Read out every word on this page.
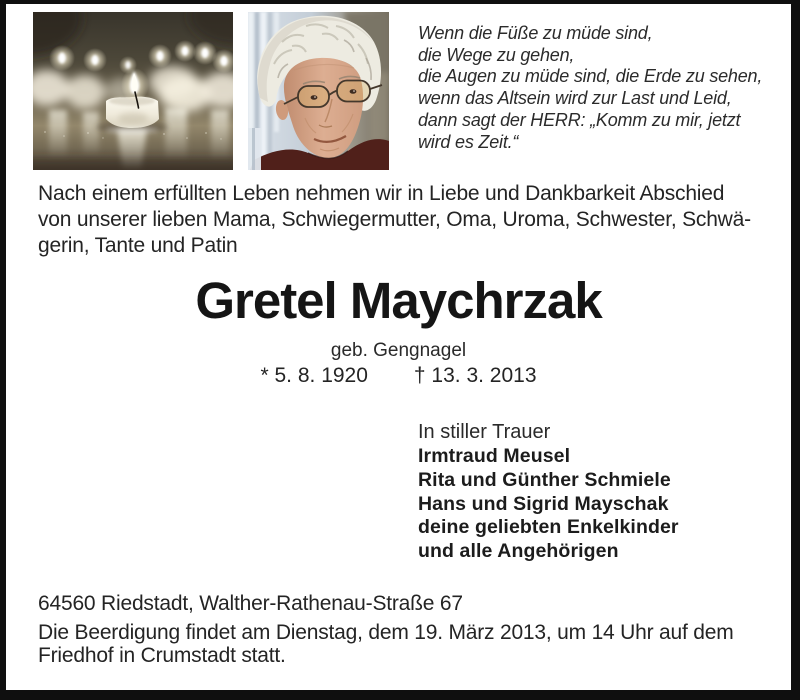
Wenn die Füße zu müde sind,
die Wege zu gehen,
die Augen zu müde sind, die Erde zu sehen,
wenn das Altsein wird zur Last und Leid,
dann sagt der HERR: „Komm zu mir, jetzt
wird es Zeit.“
Nach einem erfüllten Leben nehmen wir in Liebe und Dankbarkeit Abschied
von unserer lieben Mama, Schwiegermutter, Oma, Uroma, Schwester, Schwä-
gerin, Tante und Patin
Gretel Maychrzak
geb. Gengnagel
* 5. 8. 1920 † 13. 3. 2013
In stiller Trauer
Irmtraud Meusel
Rita und Günther Schmiele
Hans und Sigrid Mayschak
deine geliebten Enkelkinder
und alle Angehörigen
64560 Riedstadt, Walther-Rathenau-Straße 67
Die Beerdigung findet am Dienstag, dem 19. März 2013, um 14 Uhr auf dem
Friedhof in Crumstadt statt.
